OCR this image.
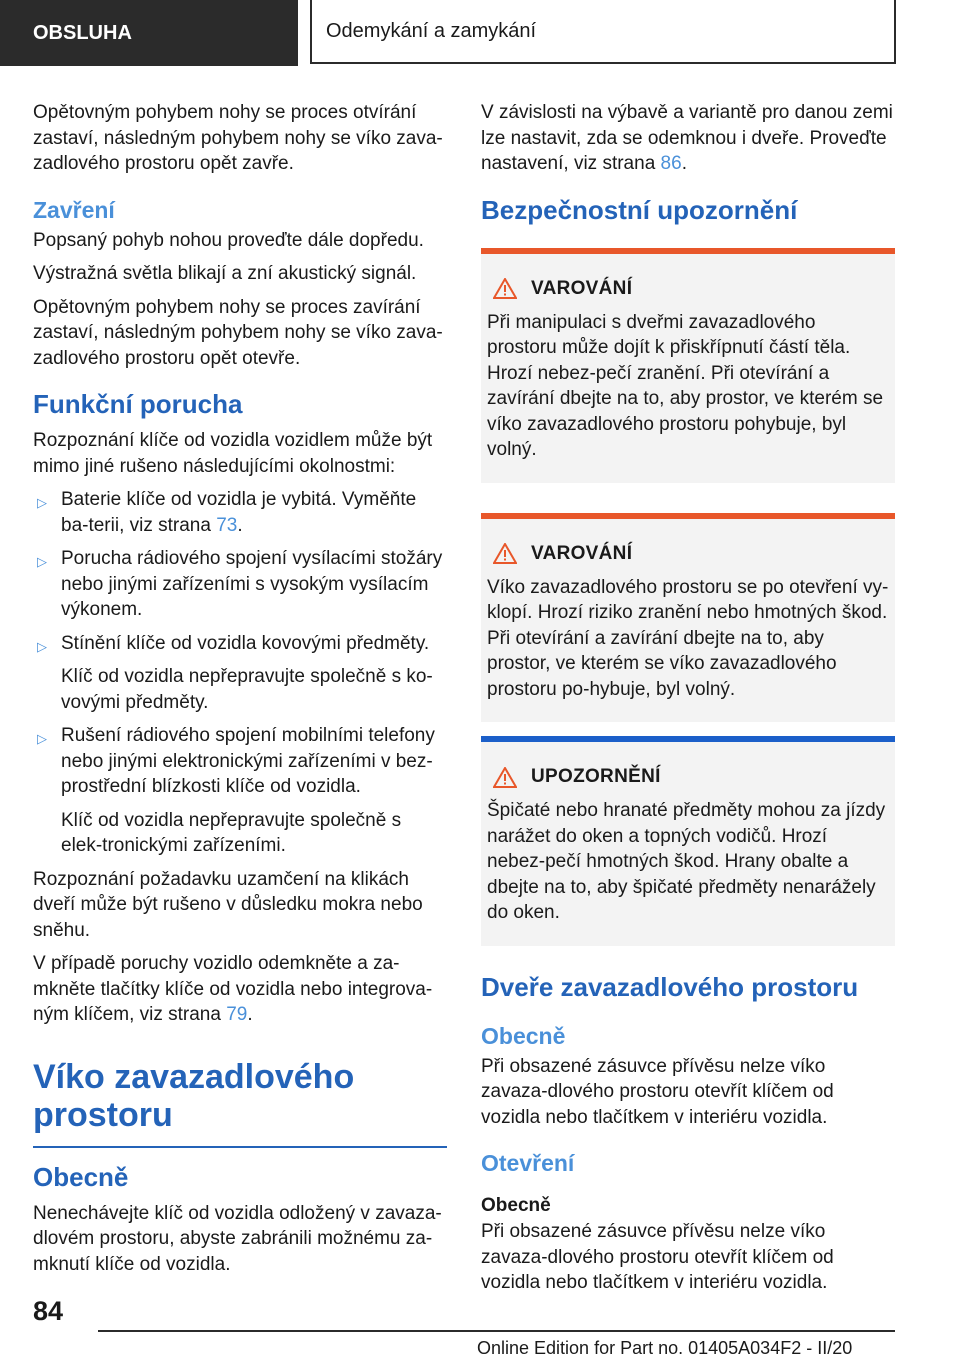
OBSLUHA	Odemykání a zamykání

Opětovným pohybem nohy se proces otvírání zastaví, následným pohybem nohy se víko zava-zadlového prostoru opět zavře.

Zavření

Popsaný pohyb nohou proveďte dále dopředu.

Výstražná světla blikají a zní akustický signál.

Opětovným pohybem nohy se proces zavírání zastaví, následným pohybem nohy se víko zava-zadlového prostoru opět otevře.

Funkční porucha

Rozpoznání klíče od vozidla vozidlem může být mimo jiné rušeno následujícími okolnostmi:

▷ Baterie klíče od vozidla je vybitá. Vyměňte ba-terii, viz strana 73.
▷ Porucha rádiového spojení vysílacími stožáry nebo jinými zařízeními s vysokým vysílacím výkonem.
▷ Stínění klíče od vozidla kovovými předměty.
Klíč od vozidla nepřepravujte společně s ko-vovými předměty.
▷ Rušení rádiového spojení mobilními telefony nebo jinými elektronickými zařízeními v bez-prostřední blízkosti klíče od vozidla.
Klíč od vozidla nepřepravujte společně s elek-tronickými zařízeními.

Rozpoznání požadavku uzamčení na klikách dveří může být rušeno v důsledku mokra nebo sněhu.

V případě poruchy vozidlo odemkněte a za-mkněte tlačítky klíče od vozidla nebo integrova-ným klíčem, viz strana 79.

Víko zavazadlového prostoru
Obecně

Nenechávejte klíč od vozidla odložený v zavaza-dlovém prostoru, abyste zabránili možnému za-mknutí klíče od vozidla.

V závislosti na výbavě a variantě pro danou zemi lze nastavit, zda se odemknou i dveře. Proveďte nastavení, viz strana 86.

Bezpečnostní upozornění
VAROVÁNÍ

Při manipulaci s dveřmi zavazadlového prostoru může dojít k přiskřípnutí částí těla. Hrozí nebez-pečí zranění. Při otevírání a zavírání dbejte na to, aby prostor, ve kterém se víko zavazadlového prostoru pohybuje, byl volný.

VAROVÁNÍ

Víko zavazadlového prostoru se po otevření vy-klopí. Hrozí riziko zranění nebo hmotných škod. Při otevírání a zavírání dbejte na to, aby prostor, ve kterém se víko zavazadlového prostoru po-hybuje, byl volný.

UPOZORNĚNÍ

Špičaté nebo hranaté předměty mohou za jízdy narážet do oken a topných vodičů. Hrozí nebez-pečí hmotných škod. Hrany obalte a dbejte na to, aby špičaté předměty nenarážely do oken.

Dveře zavazadlového prostoru
Obecně

Při obsazené zásuvce přívěsu nelze víko zavaza-dlového prostoru otevřít klíčem od vozidla nebo tlačítkem v interiéru vozidla.

Otevření
Obecně

Při obsazené zásuvce přívěsu nelze víko zavaza-dlového prostoru otevřít klíčem od vozidla nebo tlačítkem v interiéru vozidla.

84
Online Edition for Part no. 01405A034F2 - II/20
